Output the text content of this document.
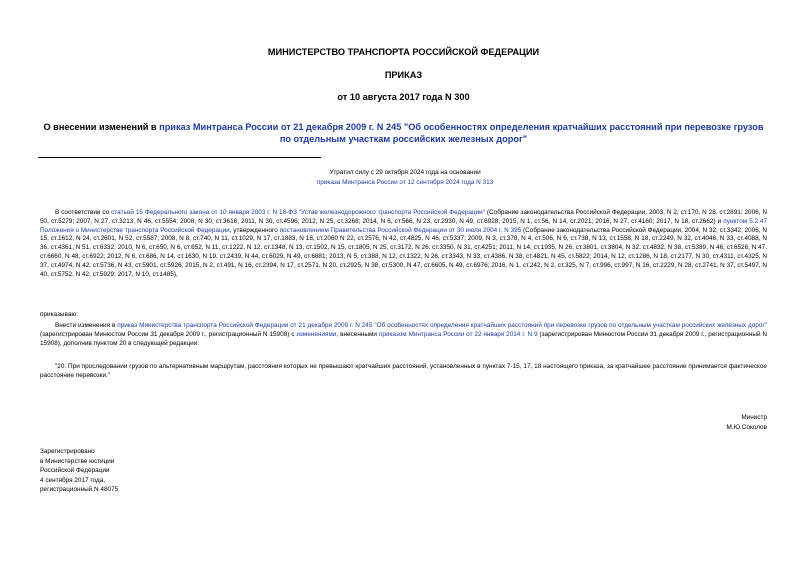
МИНИСТЕРСТВО ТРАНСПОРТА РОССИЙСКОЙ ФЕДЕРАЦИИ
ПРИКАЗ
от 10 августа 2017 года N 300
О внесении изменений в приказ Минтранса России от 21 декабря 2009 г. N 245 "Об особенностях определения кратчайших расстояний при перевозке грузов по отдельным участкам российских железных дорог"
Утратил силу с 29 октября 2024 года на основании
приказа Минтранса России от 12 сентября 2024 года N 313
В соответствии со статьей 15 Федерального закона от 10 января 2003 г. N 18-ФЗ "Устав железнодорожного транспорта Российской Федерации" (Собрание законодательства Российской Федерации, 2003, N 2, ст.170, N 28, ст.2891; 2006, N 50, ст.5279; 2007, N 27, ст.3213, N 46, ст.5554; 2008, N 30, ст.3616; 2011, N 30, ст.4596; 2012, N 25, ст.3268; 2014, N 6, ст.566, N 23, ст.2930, N 49, ст.6928; 2015, N 1, ст.56, N 14, ст.2021; 2016, N 27, ст.4160; 2017, N 18, ст.2662) и пунктом 5.2.47 Положения о Министерстве транспорта Российской Федерации, утвержденного постановлением Правительства Российской Федерации от 30 июля 2004 г. N 395 (Собрание законодательства Российской Федерации, 2004, N 32, ст.3342; 2006, N 15, ст.1612, N 24, ст.2601, N 52, ст.5587; 2008, N 8, ст.740, N 11, ст.1029, N 17, ст.1883, N 18, ст.2060 N 22, ст.2576, N 42, ст.4825, N 46, ст.5337; 2009, N 3, ст.378, N 4, ст.506, N 6, ст.738, N 13, ст.1558, N 18, ст.2249, N 32, ст.4046, N 33, ст.4088, N 36, ст.4361, N 51, ст.6332; 2010, N 6, ст.650, N 6, ст.652, N 11, ст.1222, N 12, ст.1348, N 13, ст.1502, N 15, ст.1805, N 25, ст.3172, N 26, ст.3350, N 31, ст.4251; 2011, N 14, ст.1935, N 26, ст.3801, ст.3804, N 32, ст.4832, N 38, ст.5389, N 46, ст.6526, N 47, ст.6660, N 48, ст.6922; 2012, N 6, ст.686, N 14, ст.1630, N 19, ст.2439, N 44, ст.6029, N 49, ст.6881; 2013, N 5, ст.388, N 12, ст.1322, N 26, ст.3343, N 33, ст.4386, N 38, ст.4821, N 45, ст.5822; 2014, N 12, ст.1286, N 18, ст.2177, N 30, ст.4311, ст.4325, N 37, ст.4974, N 42, ст.5736, N 43, ст.5901, ст.5926; 2015, N 2, ст.491, N 16, ст.2394, N 17, ст.2571, N 20, ст.2925, N 38, ст.5300, N 47, ст.6605, N 49, ст.6976; 2016, N 1, ст.242, N 2, ст.325, N 7, ст.996, ст.997, N 16, ст.2229, N 28, ст.2741, N 37, ст.5497, N 40, ст.5752, N 42, ст.5929; 2017, N 10, ст.1485),
приказываю:
Внести изменения в приказ Министерства транспорта Российской Федерации от 21 декабря 2009 г. N 245 "Об особенностях определения кратчайших расстояний при перевозке грузов по отдельным участкам российских железных дорог" (зарегистрирован Минюстом России 31 декабря 2009 г., регистрационный N 15908) с изменениями, внесенными приказом Минтранса России от 22 января 2014 г. N 9 (зарегистрирован Минюстом России 31 декабря 2009 г., регистрационный N 15908), дополнив пунктом 20 в следующей редакции:
"20. При проследовании грузов по альтернативным маршрутам, расстояния которых не превышают кратчайших расстояний, установленных в пунктах 7-15, 17, 18 настоящего приказа, за кратчайшее расстояние принимается фактическое расстояние перевозки."
Министр
М.Ю.Соколов
Зарегистрировано
в Министерстве юстиции
Российской Федерации
4 сентября 2017 года,
регистрационный N 48075
